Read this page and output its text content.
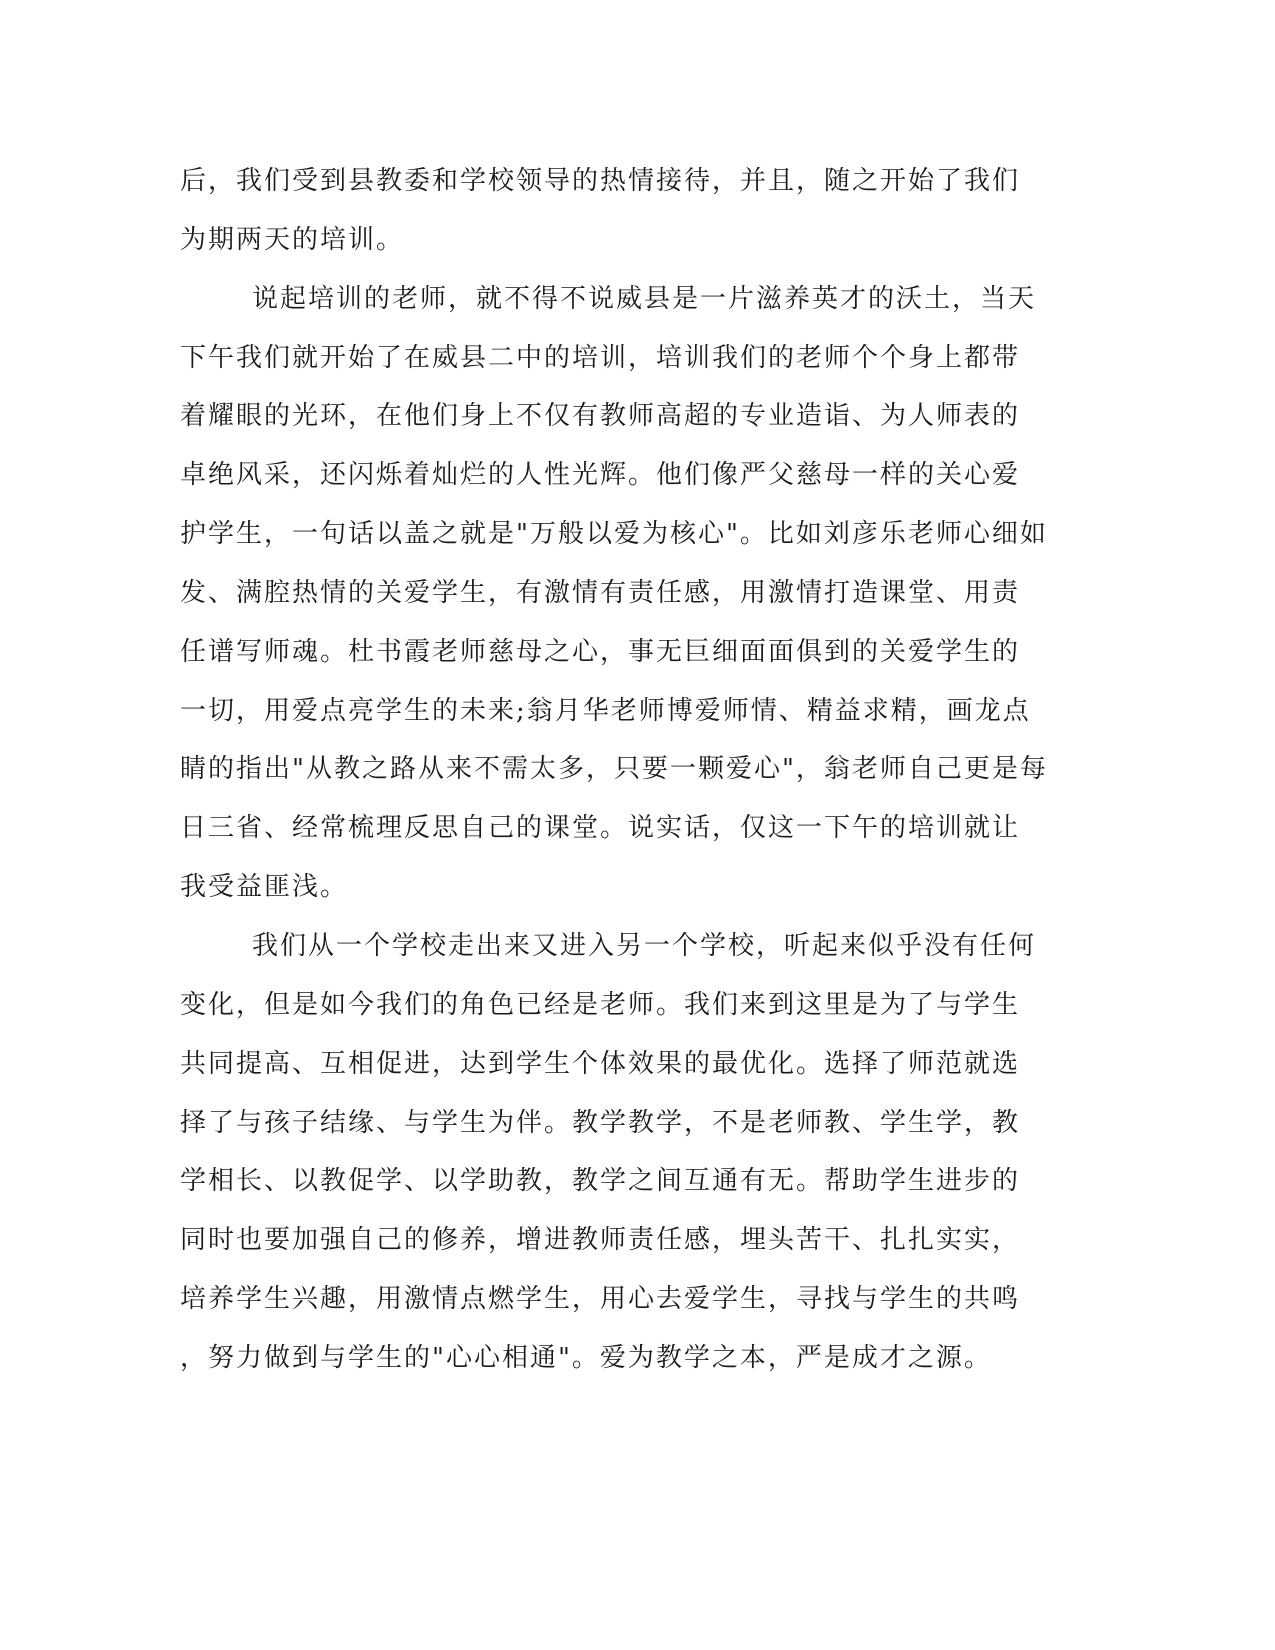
后，我们受到县教委和学校领导的热情接待，并且，随之开始了我们
为期两天的培训。
说起培训的老师，就不得不说威县是一片滋养英才的沃土，当天
下午我们就开始了在威县二中的培训，培训我们的老师个个身上都带
着耀眼的光环，在他们身上不仅有教师高超的专业造诣、为人师表的
卓绝风采，还闪烁着灿烂的人性光辉。他们像严父慈母一样的关心爱
护学生，一句话以盖之就是"万般以爱为核心"。比如刘彦乐老师心细如
发、满腔热情的关爱学生，有激情有责任感，用激情打造课堂、用责
任谱写师魂。杜书霞老师慈母之心，事无巨细面面俱到的关爱学生的
一切，用爱点亮学生的未来;翁月华老师博爱师情、精益求精，画龙点
睛的指出"从教之路从来不需太多，只要一颗爱心"，翁老师自己更是每
日三省、经常梳理反思自己的课堂。说实话，仅这一下午的培训就让
我受益匪浅。
我们从一个学校走出来又进入另一个学校，听起来似乎没有任何
变化，但是如今我们的角色已经是老师。我们来到这里是为了与学生
共同提高、互相促进，达到学生个体效果的最优化。选择了师范就选
择了与孩子结缘、与学生为伴。教学教学，不是老师教、学生学，教
学相长、以教促学、以学助教，教学之间互通有无。帮助学生进步的
同时也要加强自己的修养，增进教师责任感，埋头苦干、扎扎实实，
培养学生兴趣，用激情点燃学生，用心去爱学生，寻找与学生的共鸣
，努力做到与学生的"心心相通"。爱为教学之本，严是成才之源。
